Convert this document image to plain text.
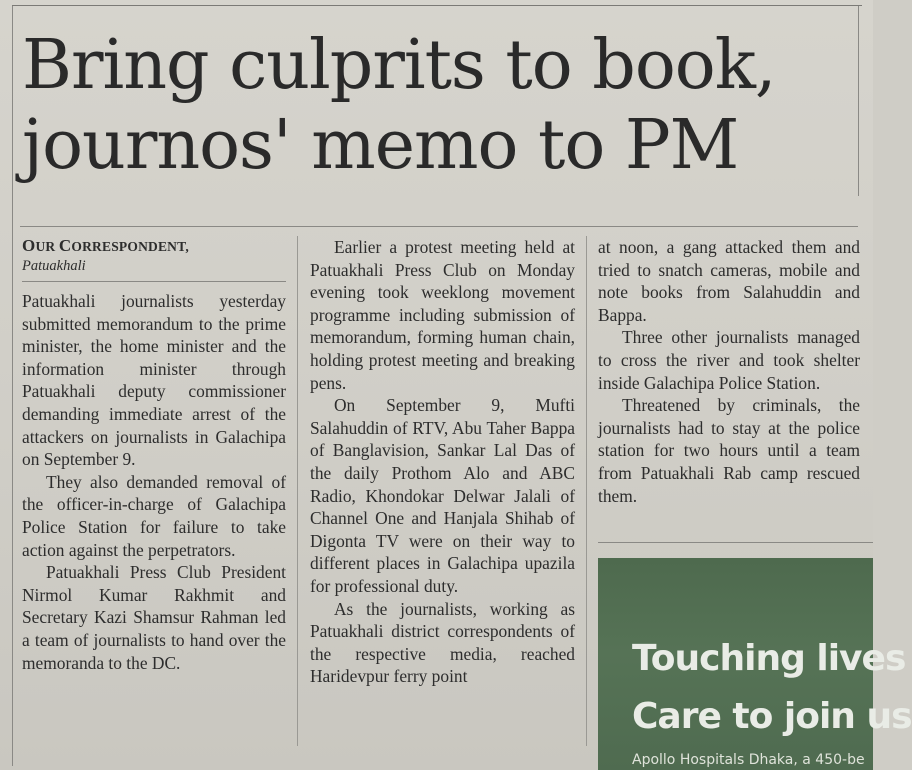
Bring culprits to book,
journos' memo to PM
OUR CORRESPONDENT,
Patuakhali

Patuakhali journalists yesterday submitted memorandum to the prime minister, the home minister and the information minister through Patuakhali deputy commissioner demanding immediate arrest of the attackers on journalists in Galachipa on September 9.

They also demanded removal of the officer-in-charge of Galachipa Police Station for failure to take action against the perpetrators.

Patuakhali Press Club President Nirmol Kumar Rakhmit and Secretary Kazi Shamsur Rahman led a team of journalists to hand over the memoranda to the DC.

Earlier a protest meeting held at Patuakhali Press Club on Monday evening took weeklong movement programme including submission of memorandum, forming human chain, holding protest meeting and breaking pens.

On September 9, Mufti Salahuddin of RTV, Abu Taher Bappa of Banglavision, Sankar Lal Das of the daily Prothom Alo and ABC Radio, Khondokar Delwar Jalali of Channel One and Hanjala Shihab of Digonta TV were on their way to different places in Galachipa upazila for professional duty.

As the journalists, working as Patuakhali district correspondents of the respective media, reached Haridevpur ferry point

at noon, a gang attacked them and tried to snatch cameras, mobile and note books from Salahuddin and Bappa.

Three other journalists managed to cross the river and took shelter inside Galachipa Police Station.

Threatened by criminals, the journalists had to stay at the police station for two hours until a team from Patuakhali Rab camp rescued them.

Touching lives
Care to join us
Apollo Hospitals Dhaka, a 450-be
